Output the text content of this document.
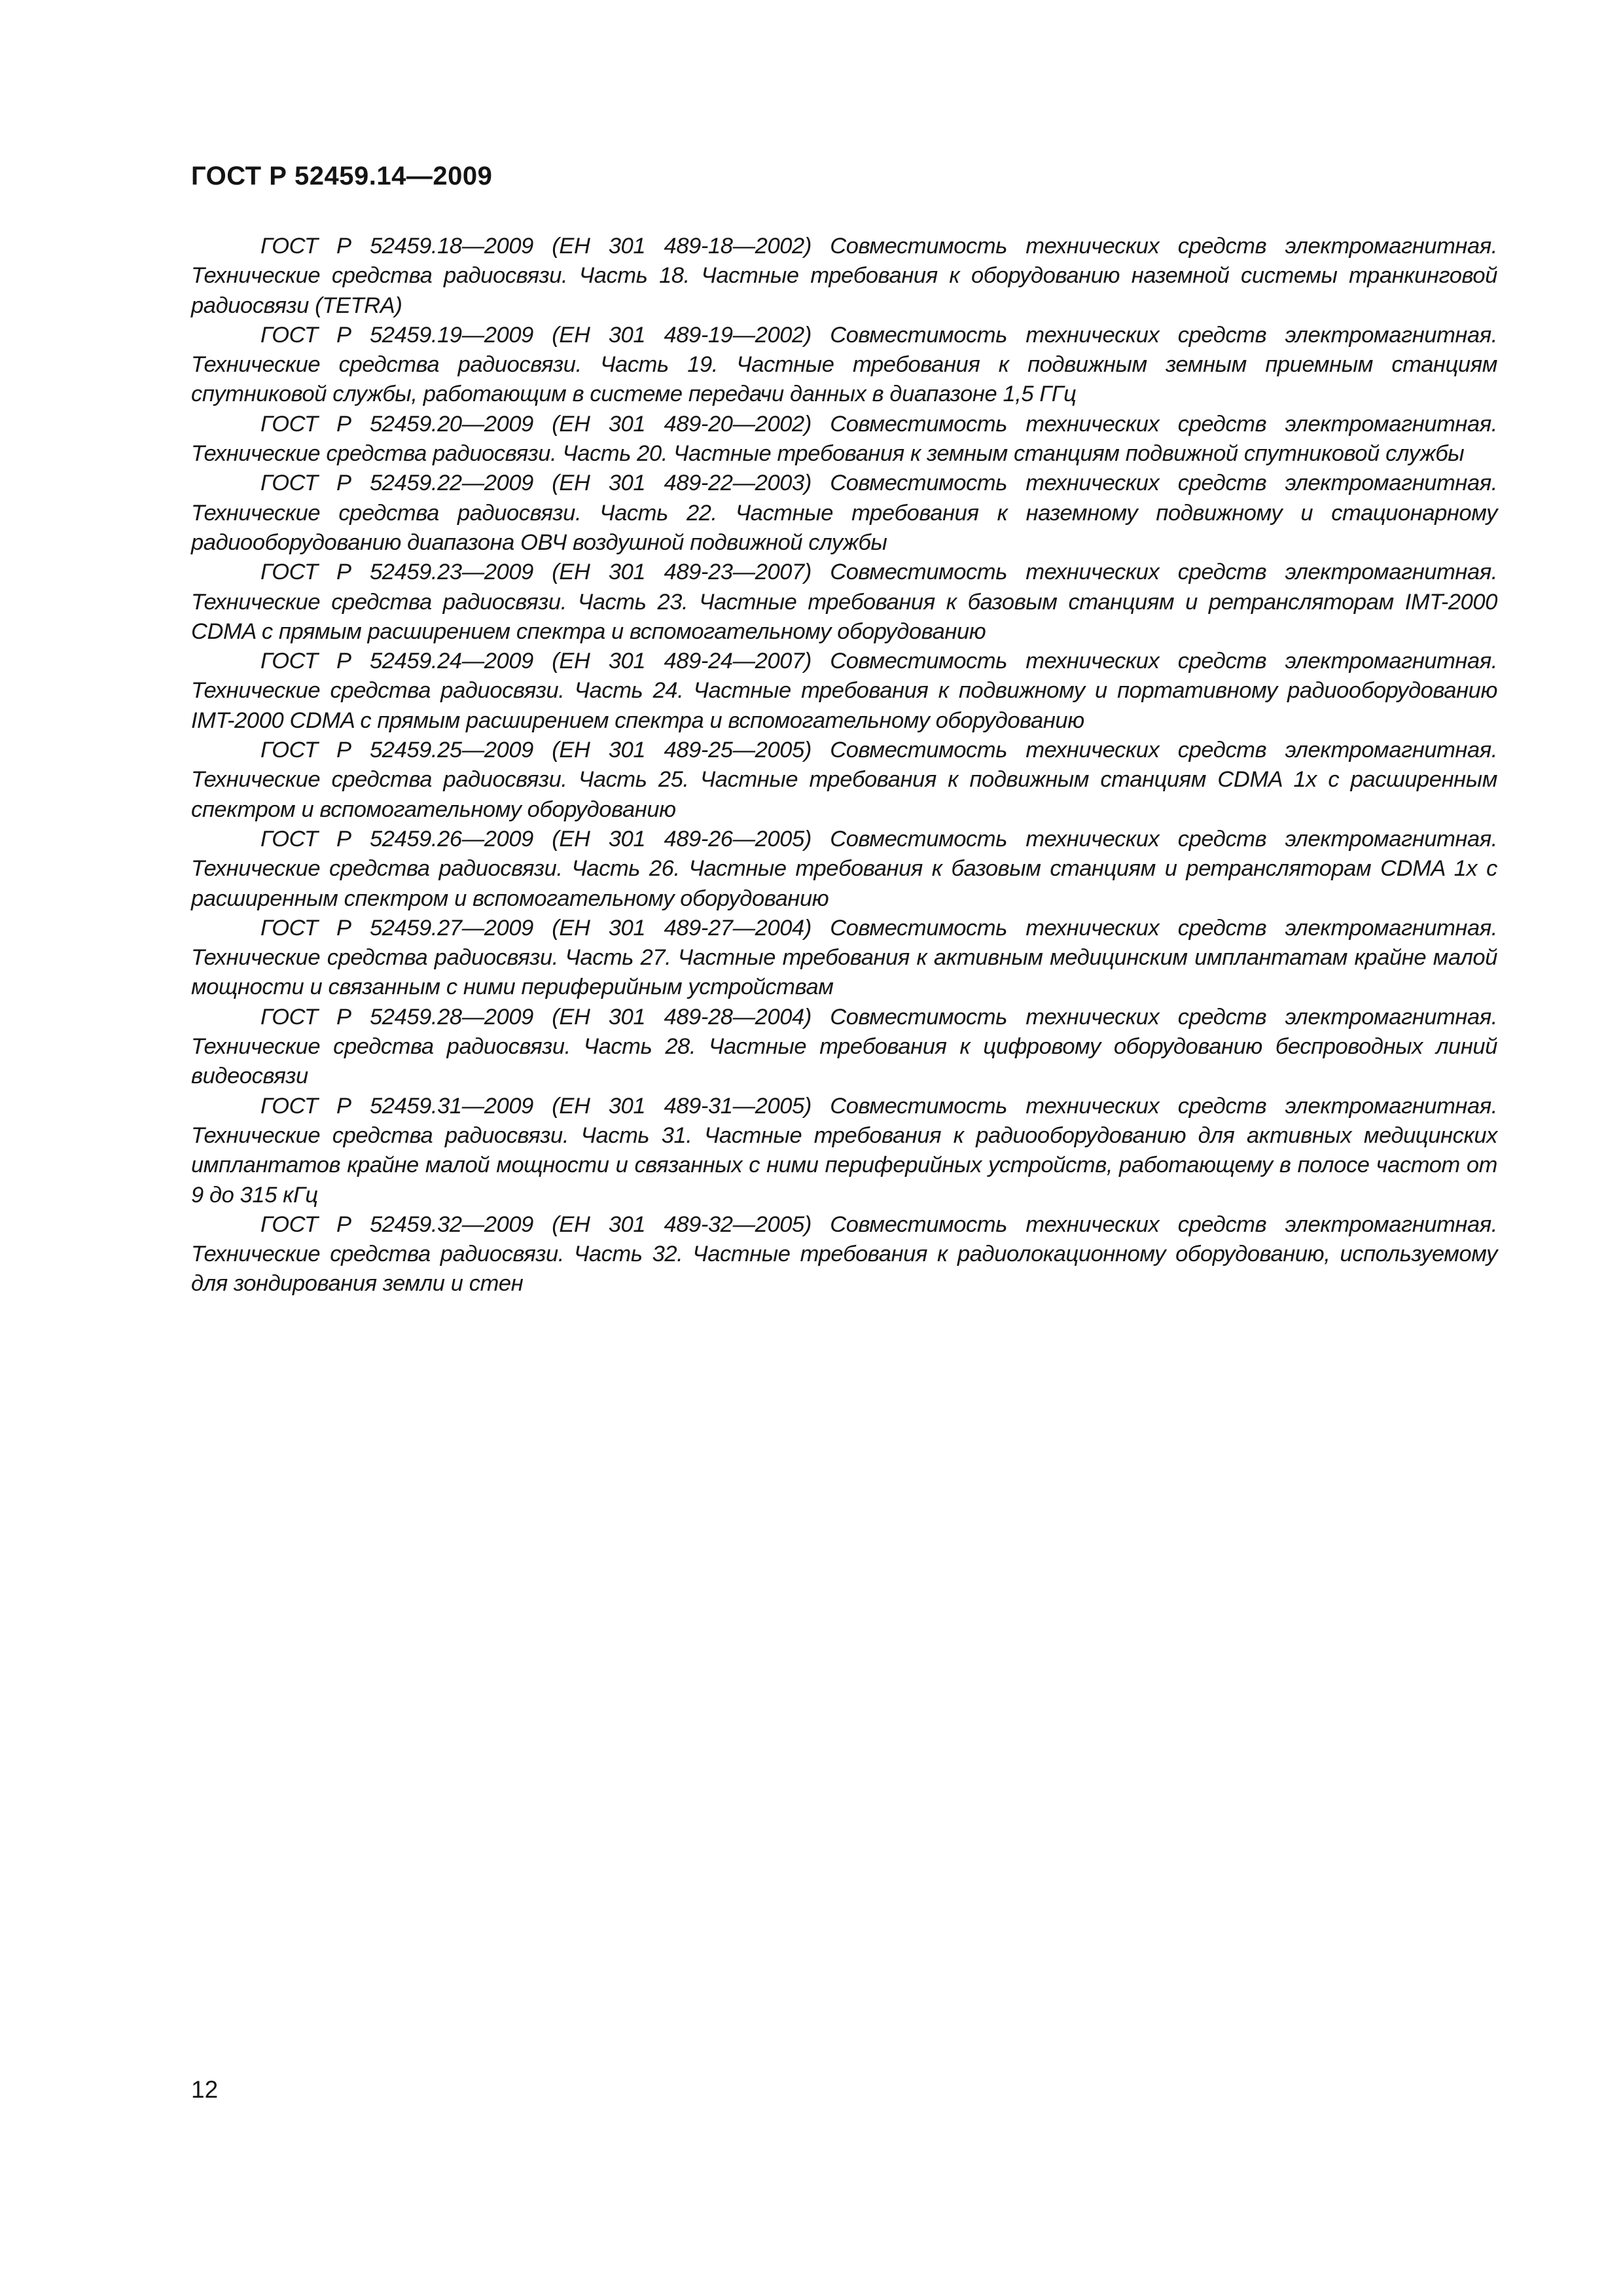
ГОСТ Р 52459.14—2009

ГОСТ Р 52459.18—2009 (ЕН 301 489-18—2002) Совместимость технических средств электромагнитная. Технические средства радиосвязи. Часть 18. Частные требования к оборудованию наземной системы транкинговой радиосвязи (TETRA)

ГОСТ Р 52459.19—2009 (ЕН 301 489-19—2002) Совместимость технических средств электромагнитная. Технические средства радиосвязи. Часть 19. Частные требования к подвижным земным приемным станциям спутниковой службы, работающим в системе передачи данных в диапазоне 1,5 ГГц

ГОСТ Р 52459.20—2009 (ЕН 301 489-20—2002) Совместимость технических средств электромагнитная. Технические средства радиосвязи. Часть 20. Частные требования к земным станциям подвижной спутниковой службы

ГОСТ Р 52459.22—2009 (ЕН 301 489-22—2003) Совместимость технических средств электромагнитная. Технические средства радиосвязи. Часть 22. Частные требования к наземному подвижному и стационарному радиооборудованию диапазона ОВЧ воздушной подвижной службы

ГОСТ Р 52459.23—2009 (ЕН 301 489-23—2007) Совместимость технических средств электромагнитная. Технические средства радиосвязи. Часть 23. Частные требования к базовым станциям и ретрансляторам IMT-2000 CDMA с прямым расширением спектра и вспомогательному оборудованию

ГОСТ Р 52459.24—2009 (ЕН 301 489-24—2007) Совместимость технических средств электромагнитная. Технические средства радиосвязи. Часть 24. Частные требования к подвижному и портативному радиооборудованию IMT-2000 CDMA с прямым расширением спектра и вспомогательному оборудованию

ГОСТ Р 52459.25—2009 (ЕН 301 489-25—2005) Совместимость технических средств электромагнитная. Технические средства радиосвязи. Часть 25. Частные требования к подвижным станциям CDMA 1x с расширенным спектром и вспомогательному оборудованию

ГОСТ Р 52459.26—2009 (ЕН 301 489-26—2005) Совместимость технических средств электромагнитная. Технические средства радиосвязи. Часть 26. Частные требования к базовым станциям и ретрансляторам CDMA 1x с расширенным спектром и вспомогательному оборудованию

ГОСТ Р 52459.27—2009 (ЕН 301 489-27—2004) Совместимость технических средств электромагнитная. Технические средства радиосвязи. Часть 27. Частные требования к активным медицинским имплантатам крайне малой мощности и связанным с ними периферийным устройствам

ГОСТ Р 52459.28—2009 (ЕН 301 489-28—2004) Совместимость технических средств электромагнитная. Технические средства радиосвязи. Часть 28. Частные требования к цифровому оборудованию беспроводных линий видеосвязи

ГОСТ Р 52459.31—2009 (ЕН 301 489-31—2005) Совместимость технических средств электромагнитная. Технические средства радиосвязи. Часть 31. Частные требования к радиооборудованию для активных медицинских имплантатов крайне малой мощности и связанных с ними периферийных устройств, работающему в полосе частот от 9 до 315 кГц

ГОСТ Р 52459.32—2009 (ЕН 301 489-32—2005) Совместимость технических средств электромагнитная. Технические средства радиосвязи. Часть 32. Частные требования к радиолокационному оборудованию, используемому для зондирования земли и стен

12
